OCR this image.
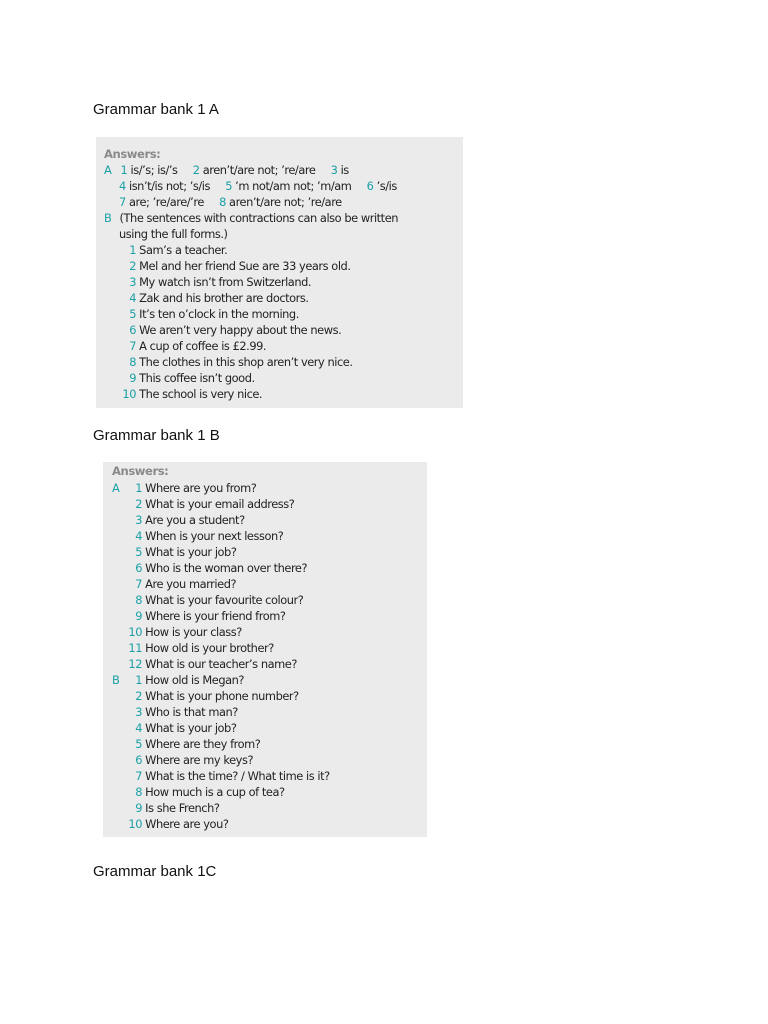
Grammar bank 1 A
Answers:
A 1 is/’s; is/’s 2 aren’t/are not; ’re/are 3 is
4 isn’t/is not; ’s/is 5 ’m not/am not; ’m/am 6 ’s/is
7 are; ’re/are/’re 8 aren’t/are not; ’re/are
B (The sentences with contractions can also be written
using the full forms.)
1 Sam’s a teacher.
2 Mel and her friend Sue are 33 years old.
3 My watch isn’t from Switzerland.
4 Zak and his brother are doctors.
5 It’s ten o’clock in the morning.
6 We aren’t very happy about the news.
7 A cup of coffee is £2.99.
8 The clothes in this shop aren’t very nice.
9 This coffee isn’t good.
10 The school is very nice.
Grammar bank 1 B
Answers:
A	1 Where are you from?
2 What is your email address?
3 Are you a student?
4 When is your next lesson?
5 What is your job?
6 Who is the woman over there?
7 Are you married?
8 What is your favourite colour?
9 Where is your friend from?
10 How is your class?
11 How old is your brother?
12 What is our teacher’s name?
B	1 How old is Megan?
2 What is your phone number?
3 Who is that man?
4 What is your job?
5 Where are they from?
6 Where are my keys?
7 What is the time? / What time is it?
8 How much is a cup of tea?
9 Is she French?
10 Where are you?
Grammar bank 1C
